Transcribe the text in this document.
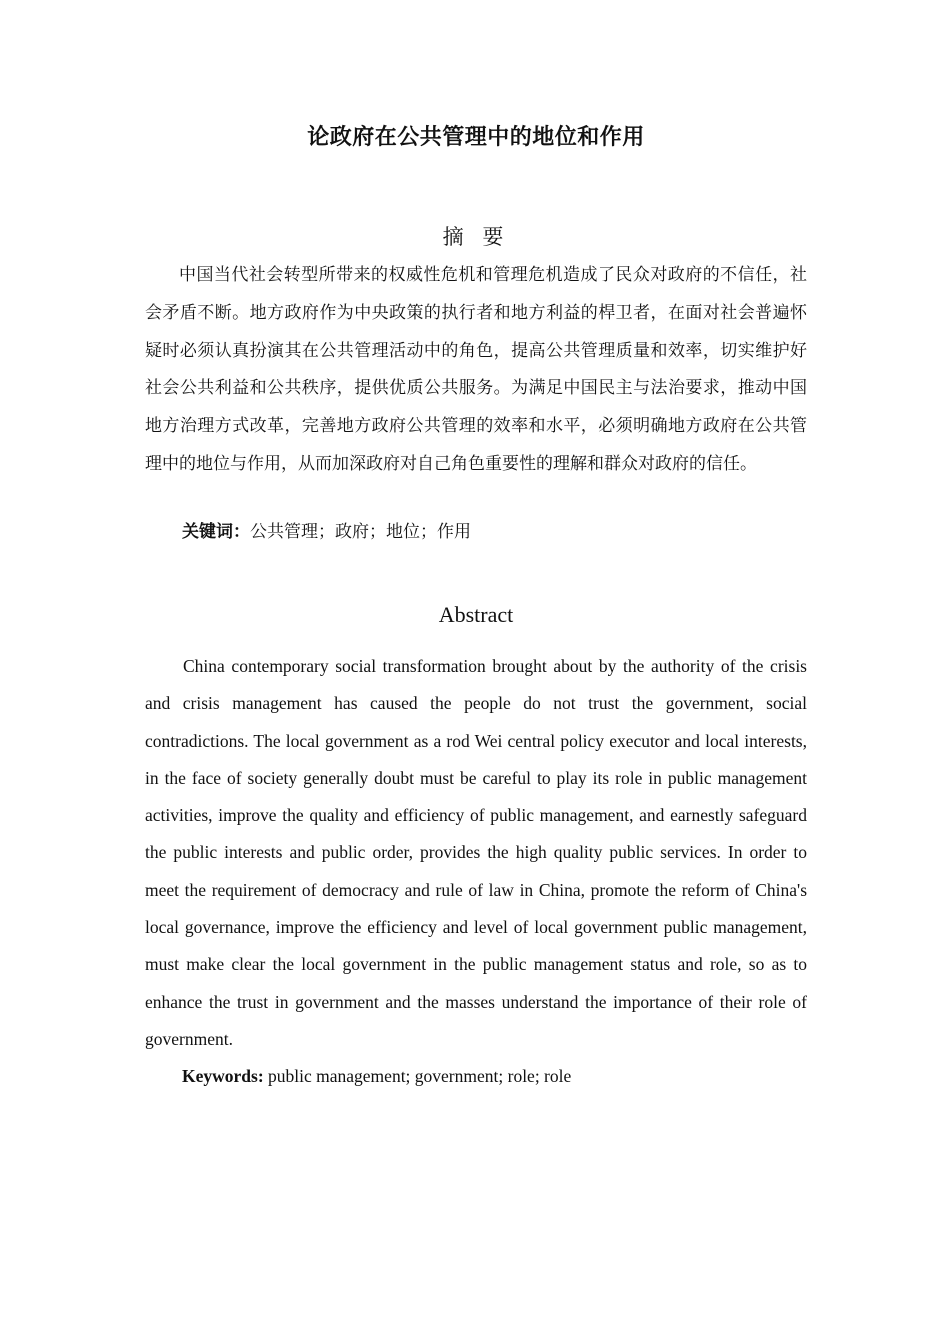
论政府在公共管理中的地位和作用
摘 要

中国当代社会转型所带来的权威性危机和管理危机造成了民众对政府的不信任，社会矛盾不断。地方政府作为中央政策的执行者和地方利益的桿卫者，在面对社会普遍怀疑时必须认真扮演其在公共管理活动中的角色，提高公共管理质量和效率，切实维护好社会公共利益和公共秩序，提供优质公共服务。为满足中国民主与法治要求，推动中国地方治理方式改革，完善地方政府公共管理的效率和水平，必须明确地方政府在公共管理中的地位与作用，从而加深政府对自己角色重要性的理解和群众对政府的信任。

关键词：公共管理；政府；地位；作用

Abstract

China contemporary social transformation brought about by the authority of the crisis and crisis management has caused the people do not trust the government, social contradictions. The local government as a rod Wei central policy executor and local interests, in the face of society generally doubt must be careful to play its role in public management activities, improve the quality and efficiency of public management, and earnestly safeguard the public interests and public order, provides the high quality public services. In order to meet the requirement of democracy and rule of law in China, promote the reform of China's local governance, improve the efficiency and level of local government public management, must make clear the local government in the public management status and role, so as to enhance the trust in government and the masses understand the importance of their role of government.

Keywords: public management; government; role; role
